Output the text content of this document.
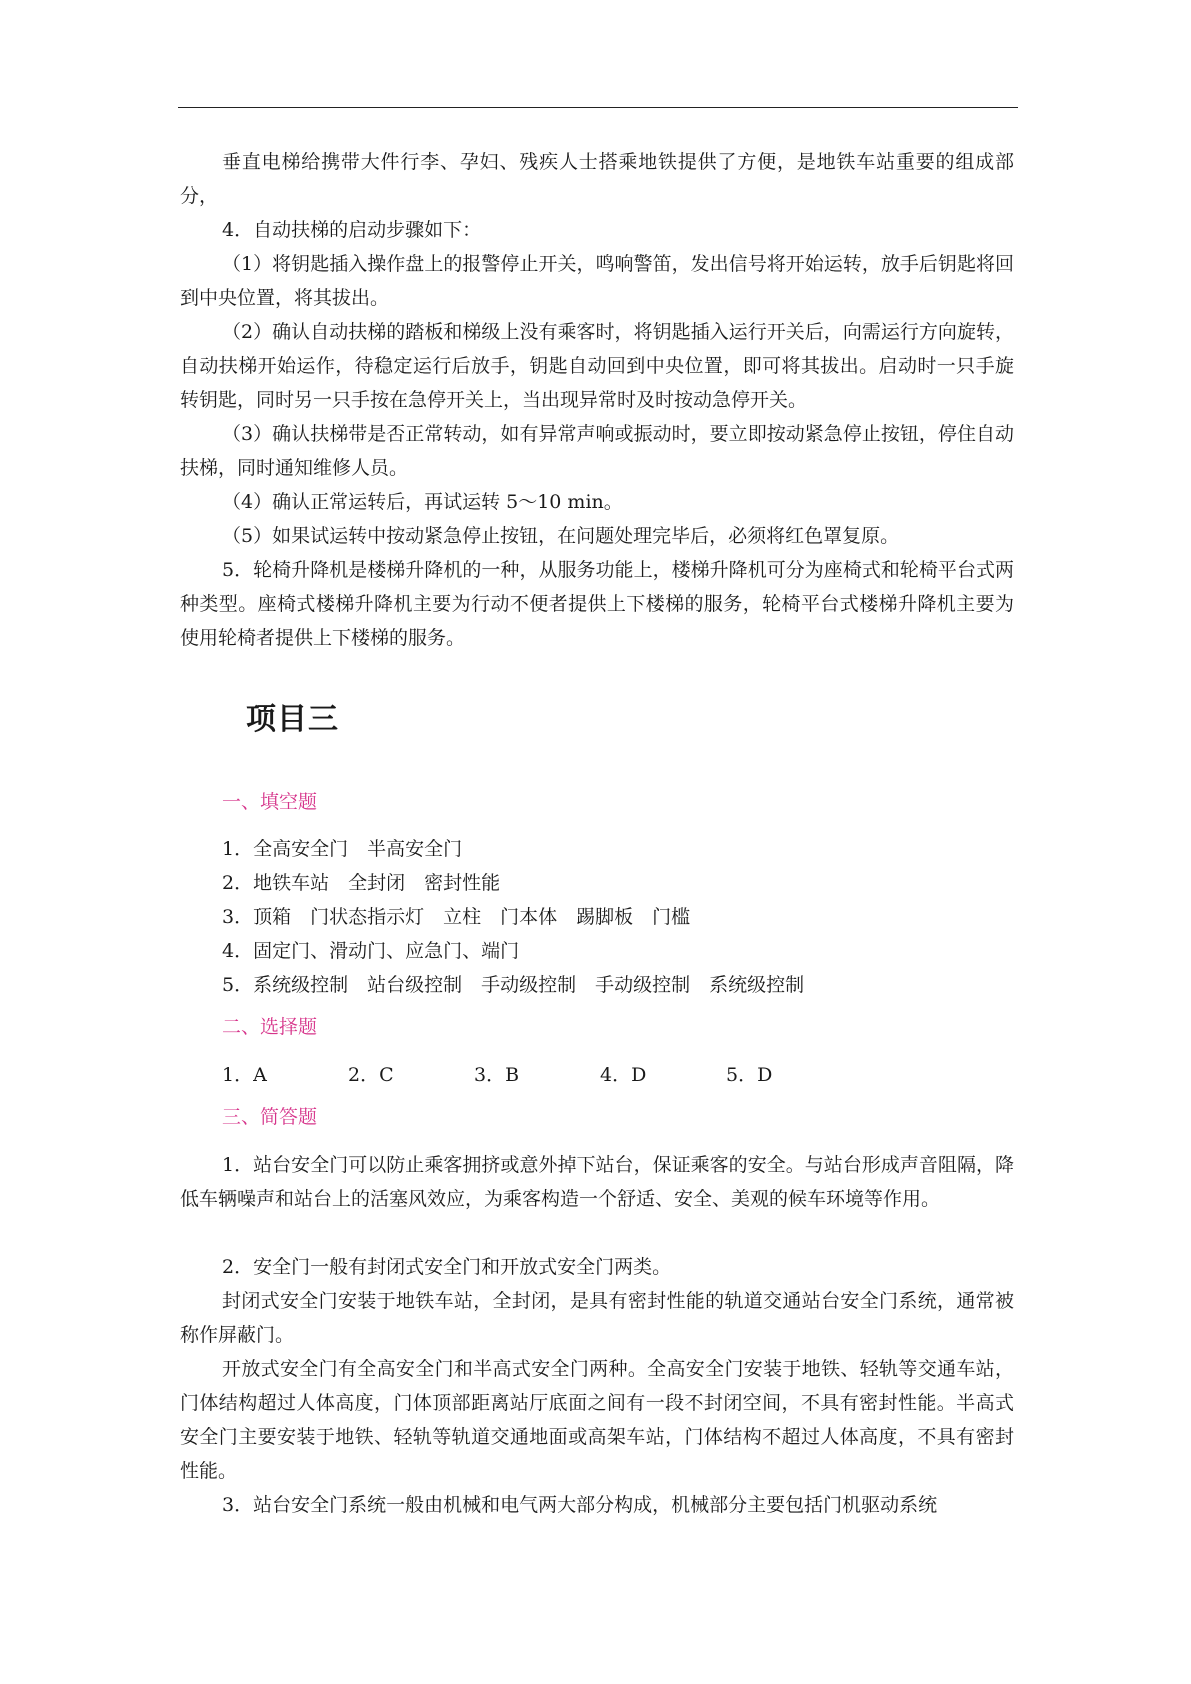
垂直电梯给携带大件行李、孕妇、残疾人士搭乘地铁提供了方便，是地铁车站重要的组成部分，

4．自动扶梯的启动步骤如下：

（1）将钥匙插入操作盘上的报警停止开关，鸣响警笛，发出信号将开始运转，放手后钥匙将回到中央位置，将其拔出。

（2）确认自动扶梯的踏板和梯级上没有乘客时，将钥匙插入运行开关后，向需运行方向旋转，自动扶梯开始运作，待稳定运行后放手，钥匙自动回到中央位置，即可将其拔出。启动时一只手旋转钥匙，同时另一只手按在急停开关上，当出现异常时及时按动急停开关。

（3）确认扶梯带是否正常转动，如有异常声响或振动时，要立即按动紧急停止按钮，停住自动扶梯，同时通知维修人员。

（4）确认正常运转后，再试运转 5～10 min。

（5）如果试运转中按动紧急停止按钮，在问题处理完毕后，必须将红色罩复原。

5．轮椅升降机是楼梯升降机的一种，从服务功能上，楼梯升降机可分为座椅式和轮椅平台式两种类型。座椅式楼梯升降机主要为行动不便者提供上下楼梯的服务，轮椅平台式楼梯升降机主要为使用轮椅者提供上下楼梯的服务。

项目三
一、填空题
1．全高安全门　半高安全门
2．地铁车站　全封闭　密封性能
3．顶箱　门状态指示灯　立柱　门本体　踢脚板　门槛
4．固定门、滑动门、应急门、端门
5．系统级控制　站台级控制　手动级控制　手动级控制　系统级控制
二、选择题
1．A	2．C	3．B	4．D	5．D
三、简答题

1．站台安全门可以防止乘客拥挤或意外掉下站台，保证乘客的安全。与站台形成声音阻隔，降低车辆噪声和站台上的活塞风效应，为乘客构造一个舒适、安全、美观的候车环境等作用。

2．安全门一般有封闭式安全门和开放式安全门两类。

封闭式安全门安装于地铁车站，全封闭，是具有密封性能的轨道交通站台安全门系统，通常被称作屏蔽门。

开放式安全门有全高安全门和半高式安全门两种。全高安全门安装于地铁、轻轨等交通车站，门体结构超过人体高度，门体顶部距离站厅底面之间有一段不封闭空间，不具有密封性能。半高式安全门主要安装于地铁、轻轨等轨道交通地面或高架车站，门体结构不超过人体高度，不具有密封性能。

3．站台安全门系统一般由机械和电气两大部分构成，机械部分主要包括门机驱动系统
